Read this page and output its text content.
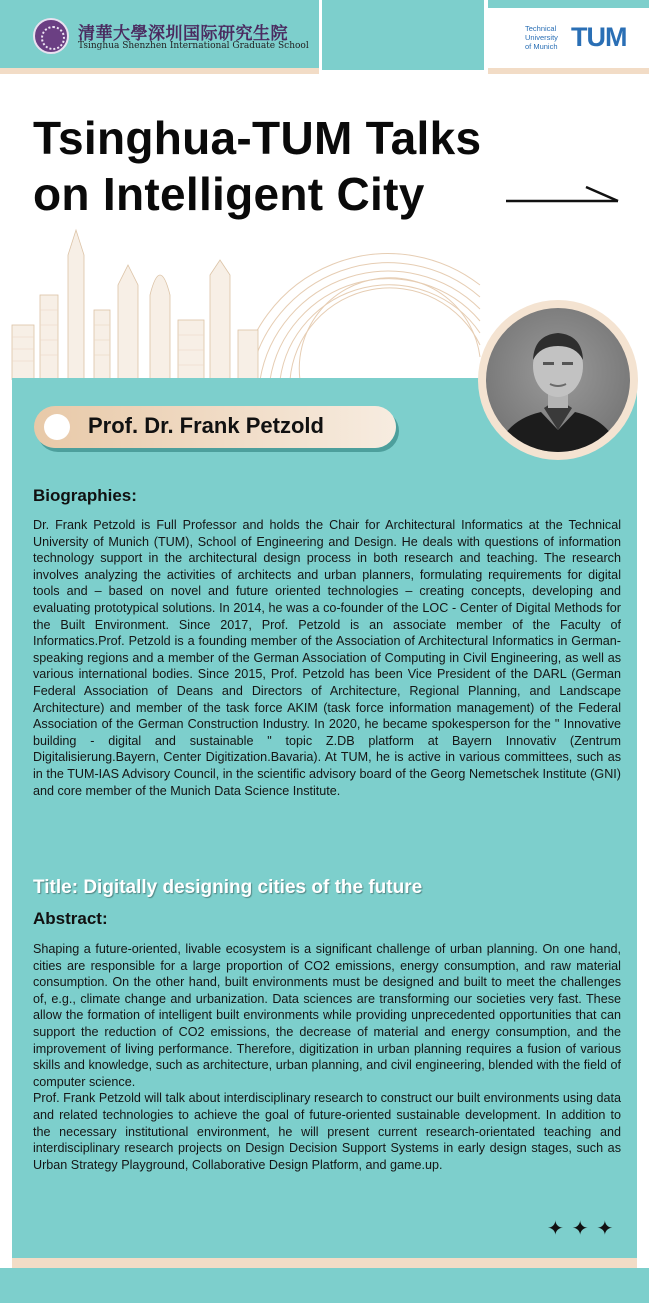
清華大學深圳国际研究生院
Tsinghua Shenzhen International Graduate School
Technical
University
of Munich TUM
Tsinghua-TUM Talks
on Intelligent City
Prof. Dr. Frank Petzold
Biographies:
Dr. Frank Petzold is Full Professor and holds the Chair for Architectural Informatics at the Technical University of Munich (TUM), School of Engineering and Design. He deals with questions of information technology support in the architectural design process in both research and teaching. The research involves analyzing the activities of architects and urban planners, formulating requirements for digital tools and – based on novel and future oriented technologies – creating concepts, developing and evaluating prototypical solutions. In 2014, he was a co-founder of the LOC - Center of Digital Methods for the Built Environment. Since 2017, Prof. Petzold is an associate member of the Faculty of Informatics.Prof. Petzold is a founding member of the Association of Architectural Informatics in German-speaking regions and a member of the German Association of Computing in Civil Engineering, as well as various international bodies. Since 2015, Prof. Petzold has been Vice President of the DARL (German Federal Association of Deans and Directors of Architecture, Regional Planning, and Landscape Architecture) and member of the task force AKIM (task force information management) of the Federal Association of the German Construction Industry. In 2020, he became spokesperson for the " Innovative building - digital and sustainable " topic Z.DB platform at Bayern Innovativ (Zentrum Digitalisierung.Bayern, Center Digitization.Bavaria). At TUM, he is active in various committees, such as in the TUM-IAS Advisory Council, in the scientific advisory board of the Georg Nemetschek Institute (GNI) and core member of the Munich Data Science Institute.
Title: Digitally designing cities of the future
Abstract:
Shaping a future-oriented, livable ecosystem is a significant challenge of urban planning. On one hand, cities are responsible for a large proportion of CO2 emissions, energy consumption, and raw material consumption. On the other hand, built environments must be designed and built to meet the challenges of, e.g., climate change and urbanization. Data sciences are transforming our societies very fast. These allow the formation of intelligent built environments while providing unprecedented opportunities that can support the reduction of CO2 emissions, the decrease of material and energy consumption, and the improvement of living performance. Therefore, digitization in urban planning requires a fusion of various skills and knowledge, such as architecture, urban planning, and civil engineering, blended with the field of computer science.
Prof. Frank Petzold will talk about interdisciplinary research to construct our built environments using data and related technologies to achieve the goal of future-oriented sustainable development. In addition to the necessary institutional environment, he will present current research-orientated teaching and interdisciplinary research projects on Design Decision Support Systems in early design stages, such as Urban Strategy Playground, Collaborative Design Platform, and game.up.
✦✦✦
